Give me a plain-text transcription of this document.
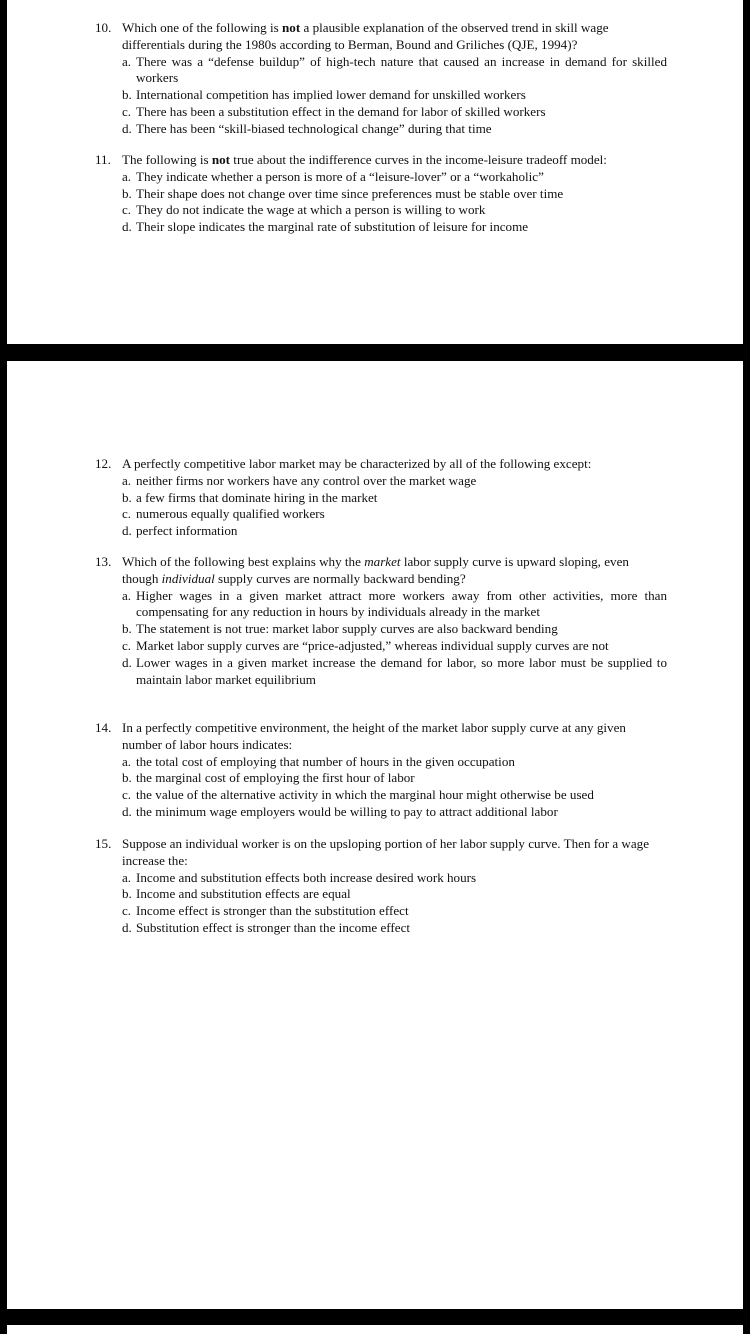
10. Which one of the following is not a plausible explanation of the observed trend in skill wage differentials during the 1980s according to Berman, Bound and Griliches (QJE, 1994)?
a. There was a “defense buildup” of high-tech nature that caused an increase in demand for skilled workers
b. International competition has implied lower demand for unskilled workers
c. There has been a substitution effect in the demand for labor of skilled workers
d. There has been “skill-biased technological change” during that time
11. The following is not true about the indifference curves in the income-leisure tradeoff model:
a. They indicate whether a person is more of a “leisure-lover” or a “workaholic”
b. Their shape does not change over time since preferences must be stable over time
c. They do not indicate the wage at which a person is willing to work
d. Their slope indicates the marginal rate of substitution of leisure for income
12. A perfectly competitive labor market may be characterized by all of the following except:
a. neither firms nor workers have any control over the market wage
b. a few firms that dominate hiring in the market
c. numerous equally qualified workers
d. perfect information
13. Which of the following best explains why the market labor supply curve is upward sloping, even though individual supply curves are normally backward bending?
a. Higher wages in a given market attract more workers away from other activities, more than compensating for any reduction in hours by individuals already in the market
b. The statement is not true: market labor supply curves are also backward bending
c. Market labor supply curves are “price-adjusted,” whereas individual supply curves are not
d. Lower wages in a given market increase the demand for labor, so more labor must be supplied to maintain labor market equilibrium
14. In a perfectly competitive environment, the height of the market labor supply curve at any given number of labor hours indicates:
a. the total cost of employing that number of hours in the given occupation
b. the marginal cost of employing the first hour of labor
c. the value of the alternative activity in which the marginal hour might otherwise be used
d. the minimum wage employers would be willing to pay to attract additional labor
15. Suppose an individual worker is on the upsloping portion of her labor supply curve. Then for a wage increase the:
a. Income and substitution effects both increase desired work hours
b. Income and substitution effects are equal
c. Income effect is stronger than the substitution effect
d. Substitution effect is stronger than the income effect
